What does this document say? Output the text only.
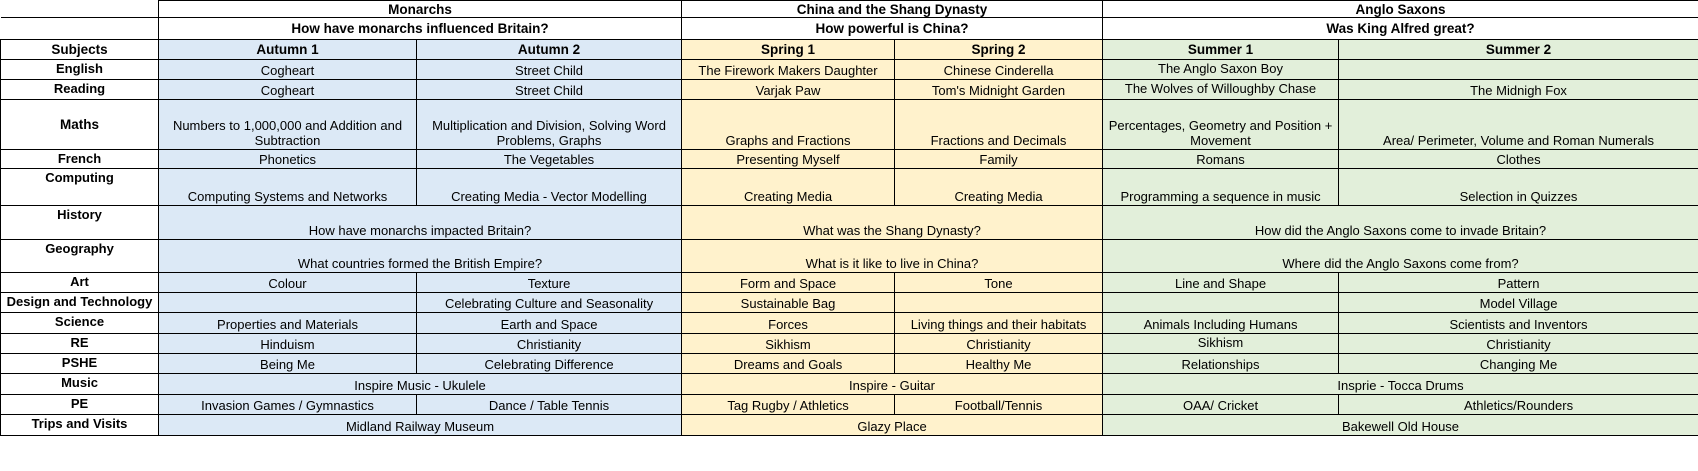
	Monarchs		China and the Shang Dynasty		Anglo Saxons	
	How have monarchs influenced Britain?		How powerful is China?		Was King Alfred great?	
Subjects	Autumn 1	Autumn 2	Spring 1	Spring 2	Summer 1	Summer 2
English	Cogheart	Street Child	The Firework Makers Daughter	Chinese Cinderella	The Anglo Saxon Boy	
Reading	Cogheart	Street Child	Varjak Paw	Tom's Midnight Garden	The Wolves of Willoughby Chase	The Midnigh Fox
Maths	Numbers to 1,000,000 and Addition and Subtraction	Multiplication and Division, Solving Word Problems, Graphs	Graphs and Fractions	Fractions and Decimals	Percentages, Geometry and Position + Movement	Area/ Perimeter, Volume and Roman Numerals
French	Phonetics	The Vegetables	Presenting Myself	Family	Romans	Clothes
Computing	Computing Systems and Networks	Creating Media - Vector Modelling	Creating Media	Creating Media	Programming a sequence in music	Selection in Quizzes
History	How have monarchs impacted Britain?		What was the Shang Dynasty?		How did the Anglo Saxons come to invade Britain?	
Geography	What countries formed the British Empire?		What is it like to live in China?		Where did the Anglo Saxons come from?	
Art	Colour	Texture	Form and Space	Tone	Line and Shape	Pattern
Design and Technology		Celebrating Culture and Seasonality	Sustainable Bag			Model Village
Science	Properties and Materials	Earth and Space	Forces	Living things and their habitats	Animals Including Humans	Scientists and Inventors
RE	Hinduism	Christianity	Sikhism	Christianity	Sikhism	Christianity
PSHE	Being Me	Celebrating Difference	Dreams and Goals	Healthy Me	Relationships	Changing Me
Music	Inspire Music - Ukulele		Inspire - Guitar		Insprie - Tocca Drums	
PE	Invasion Games / Gymnastics	Dance / Table Tennis	Tag Rugby / Athletics	Football/Tennis	OAA/ Cricket	Athletics/Rounders
Trips and Visits	Midland Railway Museum		Glazy Place		Bakewell Old House	
